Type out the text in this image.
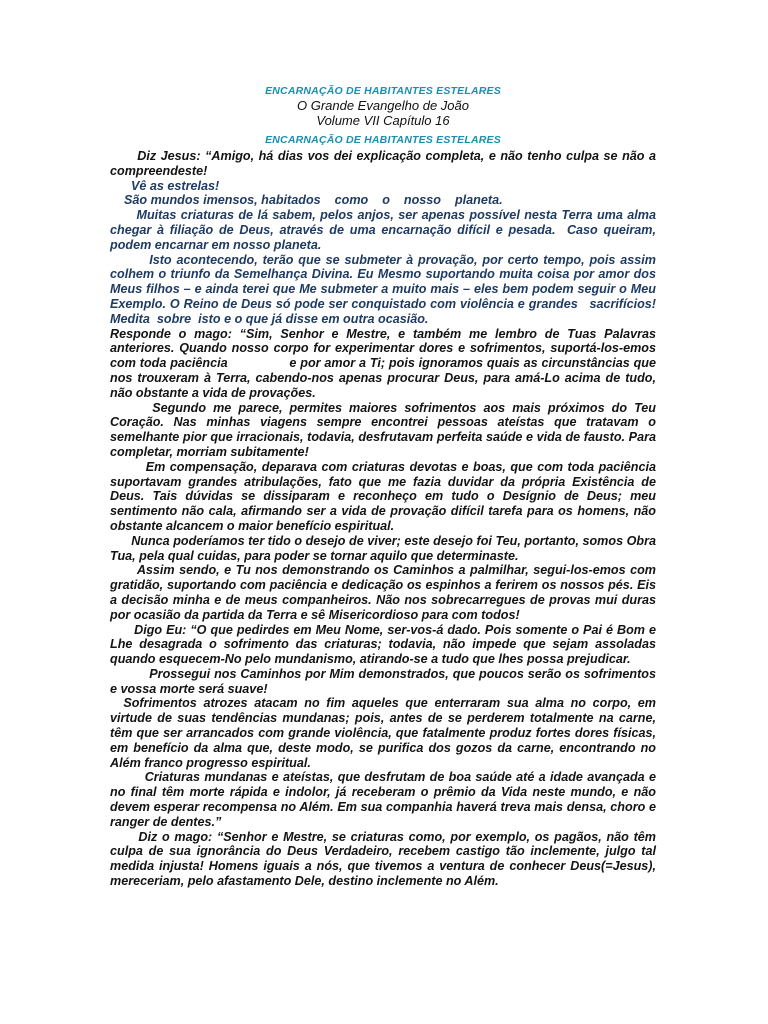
ENCARNAÇÃO DE HABITANTES ESTELARES
O Grande Evangelho de João
Volume VII Capítulo 16
ENCARNAÇÃO DE HABITANTES ESTELARES

Diz Jesus: “Amigo, há dias vos dei explicação completa, e não tenho culpa se não a compreendeste!

Vê as estrelas!

São mundos imensos, habitados    como    o    nosso    planeta.

Muitas criaturas de lá sabem, pelos anjos, ser apenas possível nesta Terra uma alma chegar à filiação de Deus, através de uma encarnação difícil e pesada.  Caso queiram, podem encarnar em nosso planeta.

Isto acontecendo, terão que se submeter à provação, por certo tempo, pois assim colhem o triunfo da Semelhança Divina. Eu Mesmo suportando muita coisa por amor dos Meus filhos – e ainda terei que Me submeter a muito mais – eles bem podem seguir o Meu Exemplo. O Reino de Deus só pode ser conquistado com violência e grandes   sacrifícios!         Medita  sobre  isto e o que já disse em outra ocasião.

Responde o mago: “Sim, Senhor e Mestre, e também me lembro de Tuas Palavras anteriores. Quando nosso corpo for experimentar dores e sofrimentos, suportá-los-emos com toda paciência                e por amor a Ti; pois ignoramos quais as circunstâncias que nos trouxeram à Terra, cabendo-nos apenas procurar Deus, para amá-Lo acima de tudo, não obstante a vida de provações.

Segundo me parece, permites maiores sofrimentos aos mais próximos do Teu Coração. Nas minhas viagens sempre encontrei pessoas ateístas que tratavam o semelhante pior que irracionais, todavia, desfrutavam perfeita saúde e vida de fausto. Para completar, morriam subitamente!

Em compensação, deparava com criaturas devotas e boas, que com toda paciência suportavam grandes atribulações, fato que me fazia duvidar da própria Existência de Deus. Tais dúvidas se dissiparam e reconheço em tudo o Desígnio de Deus; meu sentimento não cala, afirmando ser a vida de provação difícil tarefa para os homens, não obstante alcancem o maior benefício espiritual.

Nunca poderíamos ter tido o desejo de viver; este desejo foi Teu, portanto, somos Obra Tua, pela qual cuidas, para poder se tornar aquilo que determinaste.

Assim sendo, e Tu nos demonstrando os Caminhos a palmilhar, segui-los-emos com gratidão, suportando com paciência e dedicação os espinhos a ferirem os nossos pés. Eis a decisão minha e de meus companheiros. Não nos sobrecarregues de provas mui duras por ocasião da partida da Terra e sê Misericordioso para com todos!

Digo Eu: “O que pedirdes em Meu Nome, ser-vos-á dado. Pois somente o Pai é Bom e Lhe desagrada o sofrimento das criaturas; todavia, não impede que sejam assoladas quando esquecem-No pelo mundanismo, atirando-se a tudo que lhes possa prejudicar.

Prossegui nos Caminhos por Mim demonstrados, que poucos serão os sofrimentos e vossa morte será suave!

Sofrimentos atrozes atacam no fim aqueles que enterraram sua alma no corpo, em virtude de suas tendências mundanas; pois, antes de se perderem totalmente na carne, têm que ser arrancados com grande violência, que fatalmente produz fortes dores físicas, em benefício da alma que, deste modo, se purifica dos gozos da carne, encontrando no Além franco progresso espiritual.

Criaturas mundanas e ateístas, que desfrutam de boa saúde até a idade avançada e no final têm morte rápida e indolor, já receberam o prêmio da Vida neste mundo, e não devem esperar recompensa no Além. Em sua companhia haverá treva mais densa, choro e ranger de dentes.”

Diz o mago: “Senhor e Mestre, se criaturas como, por exemplo, os pagãos, não têm culpa de sua ignorância do Deus Verdadeiro, recebem castigo tão inclemente, julgo tal medida injusta! Homens iguais a nós, que tivemos a ventura de conhecer Deus(=Jesus), mereceriam, pelo afastamento Dele, destino inclemente no Além.
